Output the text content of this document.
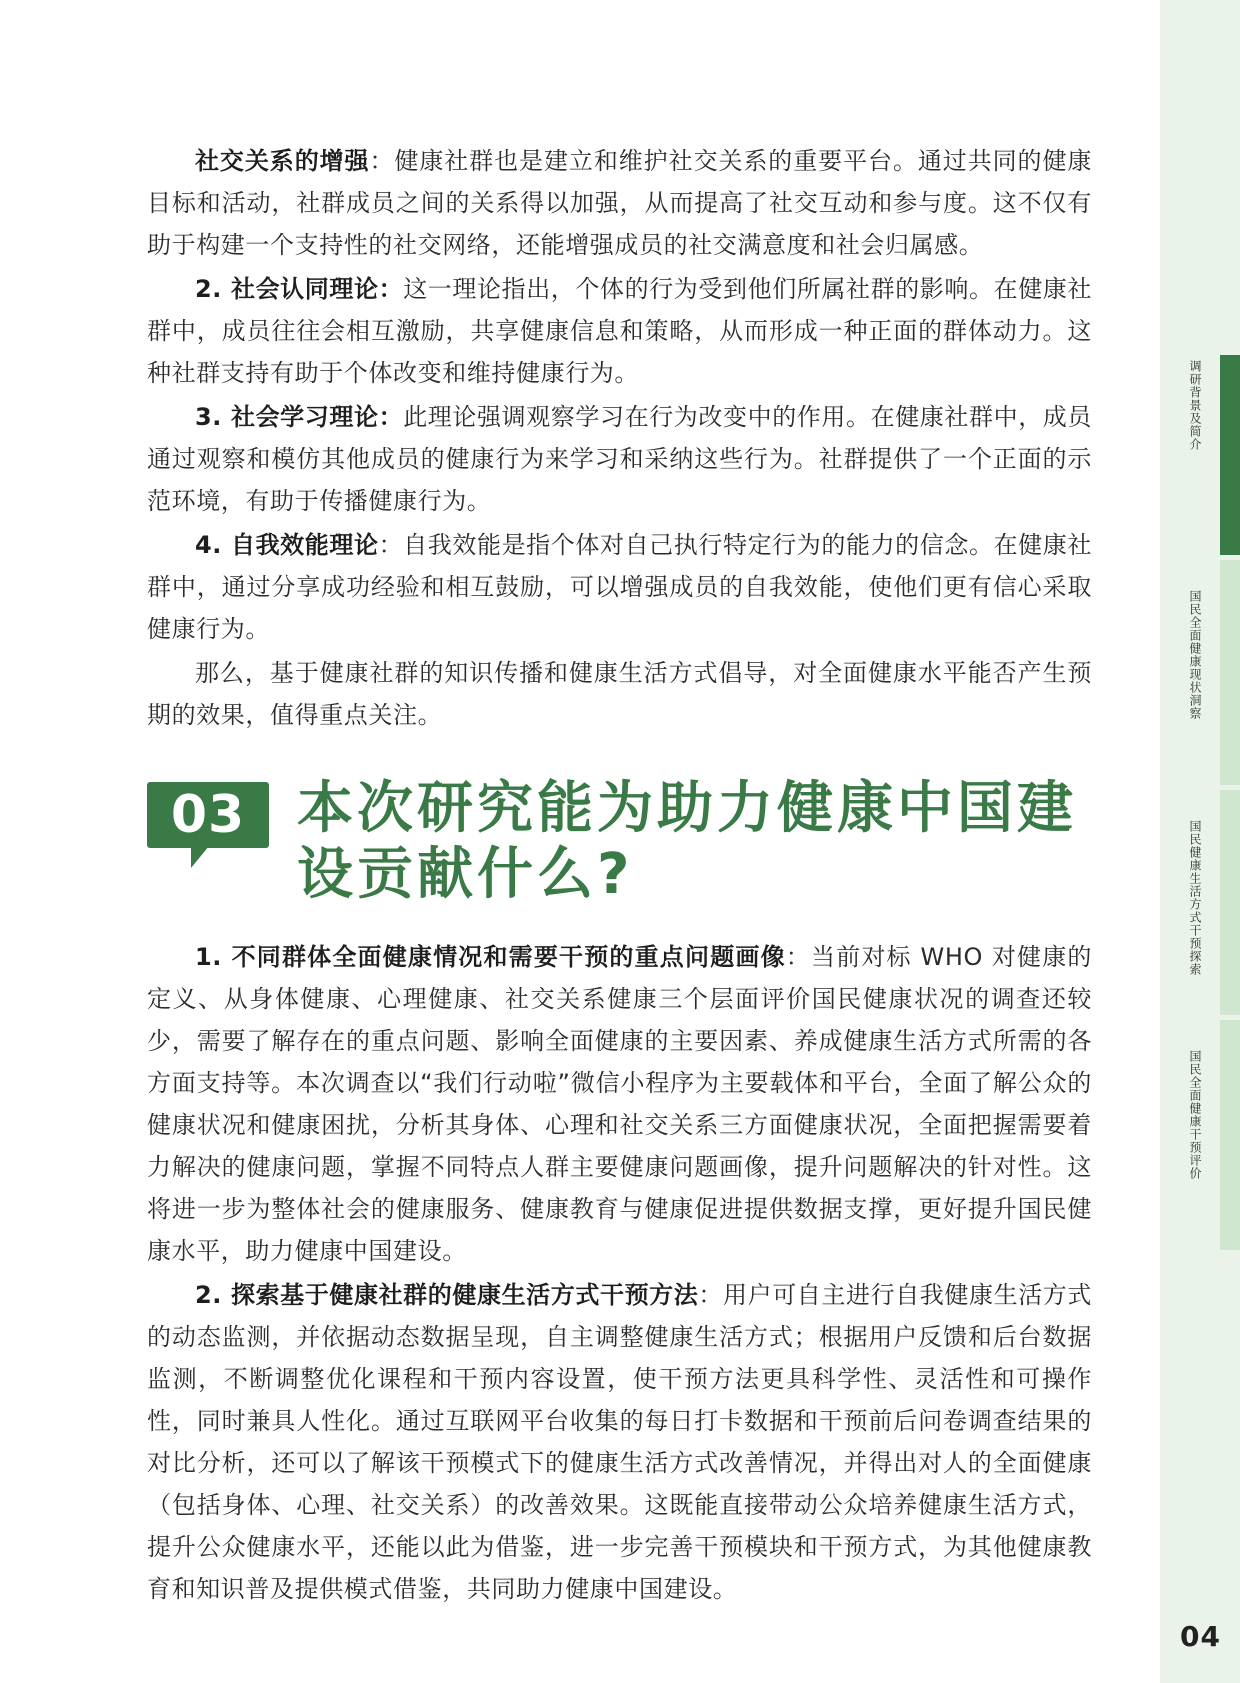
社交关系的增强：健康社群也是建立和维护社交关系的重要平台。通过共同的健康目标和活动，社群成员之间的关系得以加强，从而提高了社交互动和参与度。这不仅有助于构建一个支持性的社交网络，还能增强成员的社交满意度和社会归属感。

2. 社会认同理论：这一理论指出，个体的行为受到他们所属社群的影响。在健康社群中，成员往往会相互激励，共享健康信息和策略，从而形成一种正面的群体动力。这种社群支持有助于个体改变和维持健康行为。

3. 社会学习理论：此理论强调观察学习在行为改变中的作用。在健康社群中，成员通过观察和模仿其他成员的健康行为来学习和采纳这些行为。社群提供了一个正面的示范环境，有助于传播健康行为。

4. 自我效能理论：自我效能是指个体对自己执行特定行为的能力的信念。在健康社群中，通过分享成功经验和相互鼓励，可以增强成员的自我效能，使他们更有信心采取健康行为。

那么，基于健康社群的知识传播和健康生活方式倡导，对全面健康水平能否产生预期的效果，值得重点关注。

03 本次研究能为助力健康中国建设贡献什么?

1. 不同群体全面健康情况和需要干预的重点问题画像：当前对标 WHO 对健康的定义、从身体健康、心理健康、社交关系健康三个层面评价国民健康状况的调查还较少，需要了解存在的重点问题、影响全面健康的主要因素、养成健康生活方式所需的各方面支持等。本次调查以“我们行动啦”微信小程序为主要载体和平台，全面了解公众的健康状况和健康困扰，分析其身体、心理和社交关系三方面健康状况，全面把握需要着力解决的健康问题，掌握不同特点人群主要健康问题画像，提升问题解决的针对性。这将进一步为整体社会的健康服务、健康教育与健康促进提供数据支撑，更好提升国民健康水平，助力健康中国建设。

2. 探索基于健康社群的健康生活方式干预方法：用户可自主进行自我健康生活方式的动态监测，并依据动态数据呈现，自主调整健康生活方式；根据用户反馈和后台数据监测，不断调整优化课程和干预内容设置，使干预方法更具科学性、灵活性和可操作性，同时兼具人性化。通过互联网平台收集的每日打卡数据和干预前后问卷调查结果的对比分析，还可以了解该干预模式下的健康生活方式改善情况，并得出对人的全面健康（包括身体、心理、社交关系）的改善效果。这既能直接带动公众培养健康生活方式，提升公众健康水平，还能以此为借鉴，进一步完善干预模块和干预方式，为其他健康教育和知识普及提供模式借鉴，共同助力健康中国建设。

调研背景及简介
国民全面健康现状洞察
国民健康生活方式干预探索
国民全面健康干预评价
04
